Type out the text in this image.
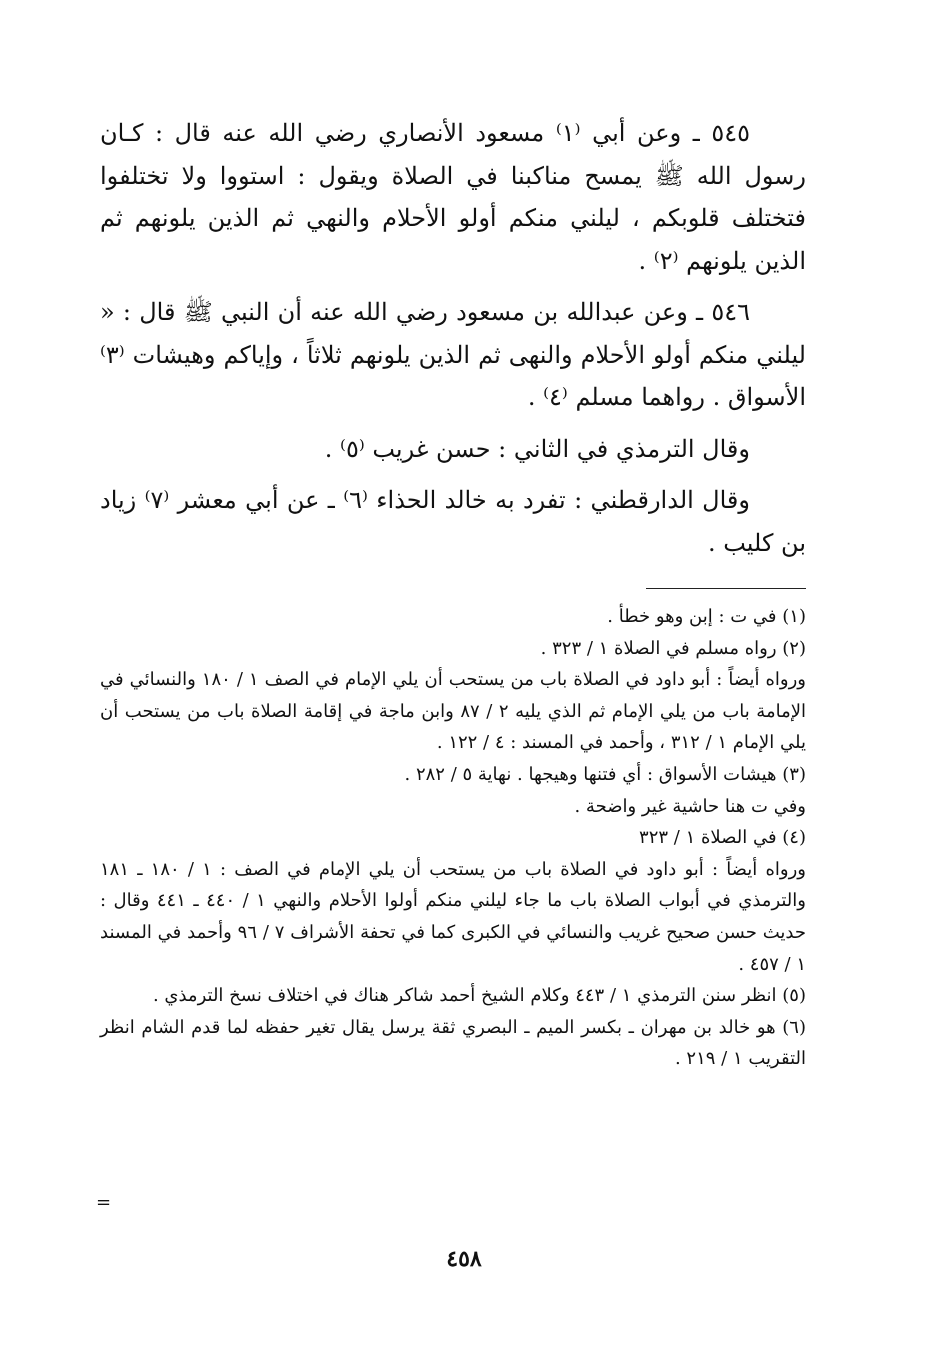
٥٤٥ ـ وعن أبي ⁽١⁾ مسعود الأنصاري رضي الله عنه قال : كـان رسول الله ﷺ يمسح مناكبنا في الصلاة ويقول : استووا ولا تختلفوا فتختلف قلوبكم ، ليلني منكم أولو الأحلام والنهي ثم الذين يلونهم ثم الذين يلونهم ⁽٢⁾ .

٥٤٦ ـ وعن عبدالله بن مسعود رضي الله عنه أن النبي ﷺ قال : « ليلني منكم أولو الأحلام والنهى ثم الذين يلونهم ثلاثاً ، وإياكم وهيشات ⁽٣⁾ الأسواق . رواهما مسلم ⁽٤⁾ .

وقال الترمذي في الثاني : حسن غريب ⁽٥⁾ .

وقال الدارقطني : تفرد به خالد الحذاء ⁽٦⁾ ـ عن أبي معشر ⁽٧⁾ زياد بن كليب .

(١) في ت : إبن وهو خطأ .

(٢) رواه مسلم في الصلاة ١ / ٣٢٣ .

ورواه أيضاً : أبو داود في الصلاة باب من يستحب أن يلي الإمام في الصف ١ / ١٨٠ والنسائي في الإمامة باب من يلي الإمام ثم الذي يليه ٢ / ٨٧ وابن ماجة في إقامة الصلاة باب من يستحب أن يلي الإمام ١ / ٣١٢ ، وأحمد في المسند : ٤ / ١٢٢ .

(٣) هيشات الأسواق : أي فتنها وهيجها . نهاية ٥ / ٢٨٢ .

وفي ت هنا حاشية غير واضحة .

(٤) في الصلاة ١ / ٣٢٣

ورواه أيضاً : أبو داود في الصلاة باب من يستحب أن يلي الإمام في الصف : ١ / ١٨٠ ـ ١٨١ والترمذي في أبواب الصلاة باب ما جاء ليلني منكم أولوا الأحلام والنهي ١ / ٤٤٠ ـ ٤٤١ وقال : حديث حسن صحيح غريب والنسائي في الكبرى كما في تحفة الأشراف ٧ / ٩٦ وأحمد في المسند ١ / ٤٥٧ .

(٥) انظر سنن الترمذي ١ / ٤٤٣ وكلام الشيخ أحمد شاكر هناك في اختلاف نسخ الترمذي .

(٦) هو خالد بن مهران ـ بكسر الميم ـ البصري ثقة يرسل يقال تغير حفظه لما قدم الشام انظر التقريب ١ / ٢١٩ .

=
٤٥٨
